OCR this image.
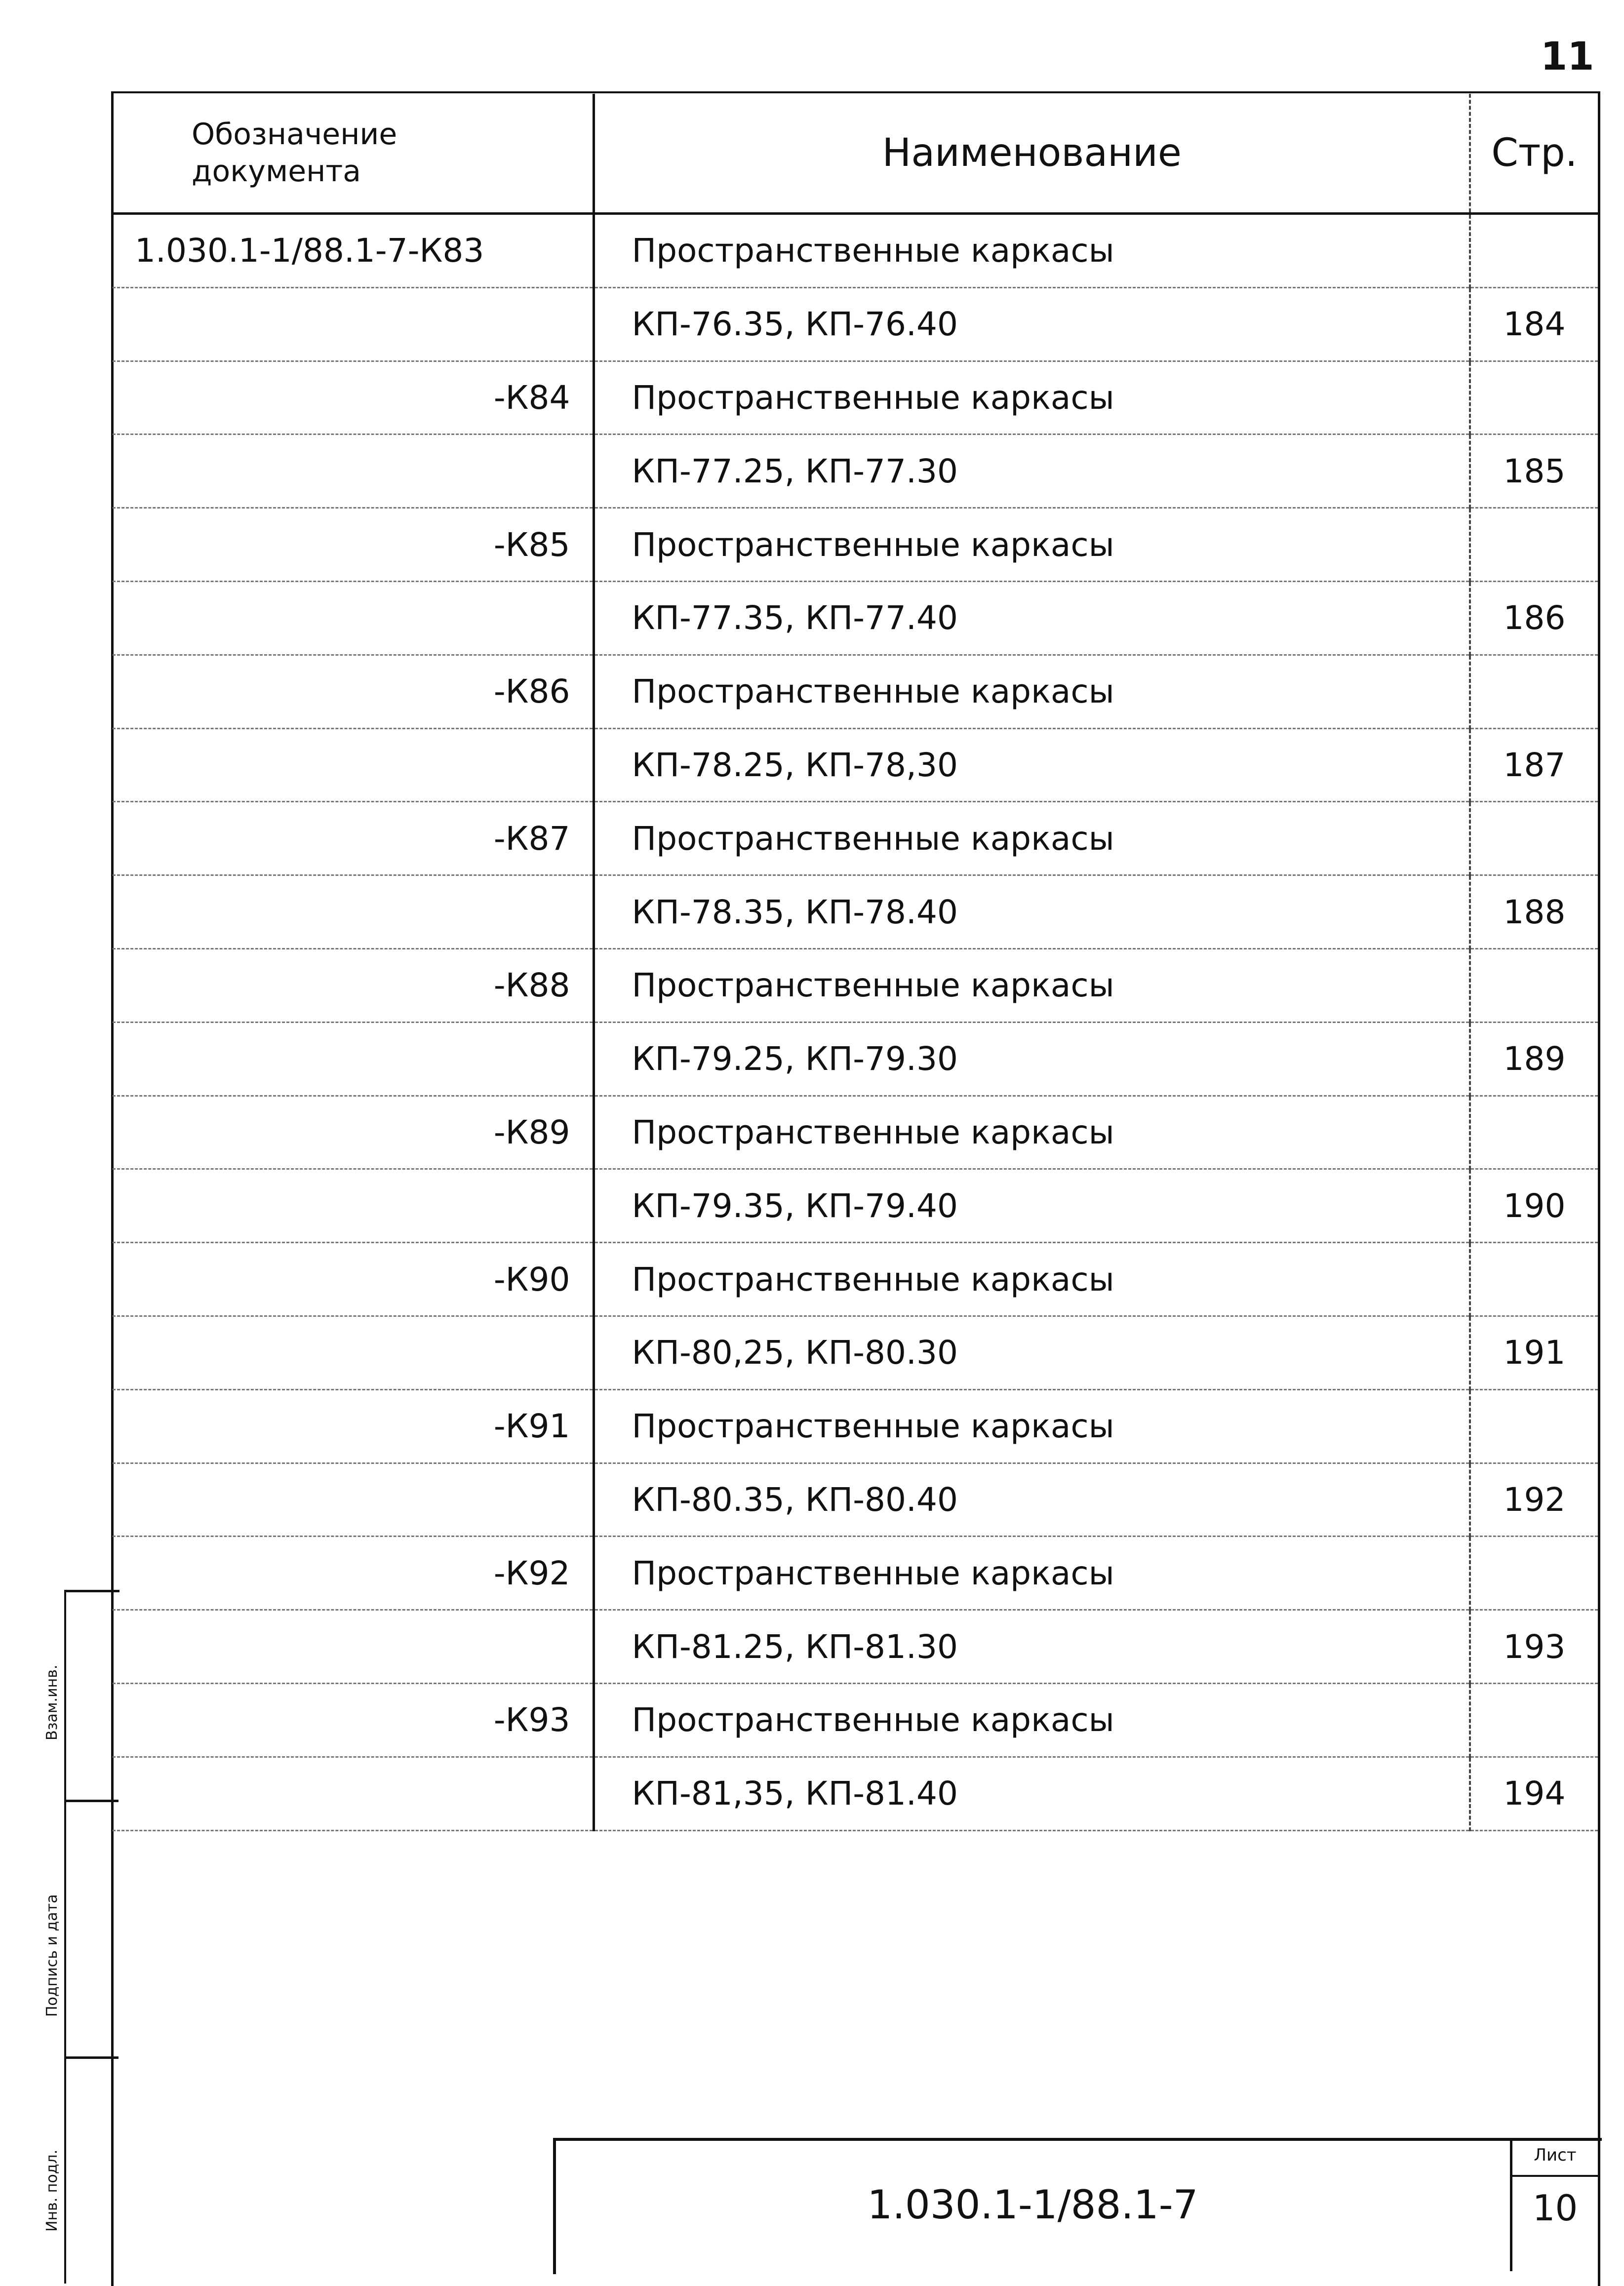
11
Обозначение
документа	Наименование	Стр.
1.030.1-1/88.1-7-К83	Пространственные каркасы	
	КП-76.35, КП-76.40	184
-К84	Пространственные каркасы	
	КП-77.25, КП-77.30	185
-К85	Пространственные каркасы	
	КП-77.35, КП-77.40	186
-К86	Пространственные каркасы	
	КП-78.25, КП-78,30	187
-К87	Пространственные каркасы	
	КП-78.35, КП-78.40	188
-К88	Пространственные каркасы	
	КП-79.25, КП-79.30	189
-К89	Пространственные каркасы	
	КП-79.35, КП-79.40	190
-К90	Пространственные каркасы	
	КП-80,25, КП-80.30	191
-К91	Пространственные каркасы	
	КП-80.35, КП-80.40	192
-К92	Пространственные каркасы	
	КП-81.25, КП-81.30	193
-К93	Пространственные каркасы	
	КП-81,35, КП-81.40	194
Взам.инв.
Подпись и дата
Инв. подл.	1.030.1-1/88.1-7
Лист
10
